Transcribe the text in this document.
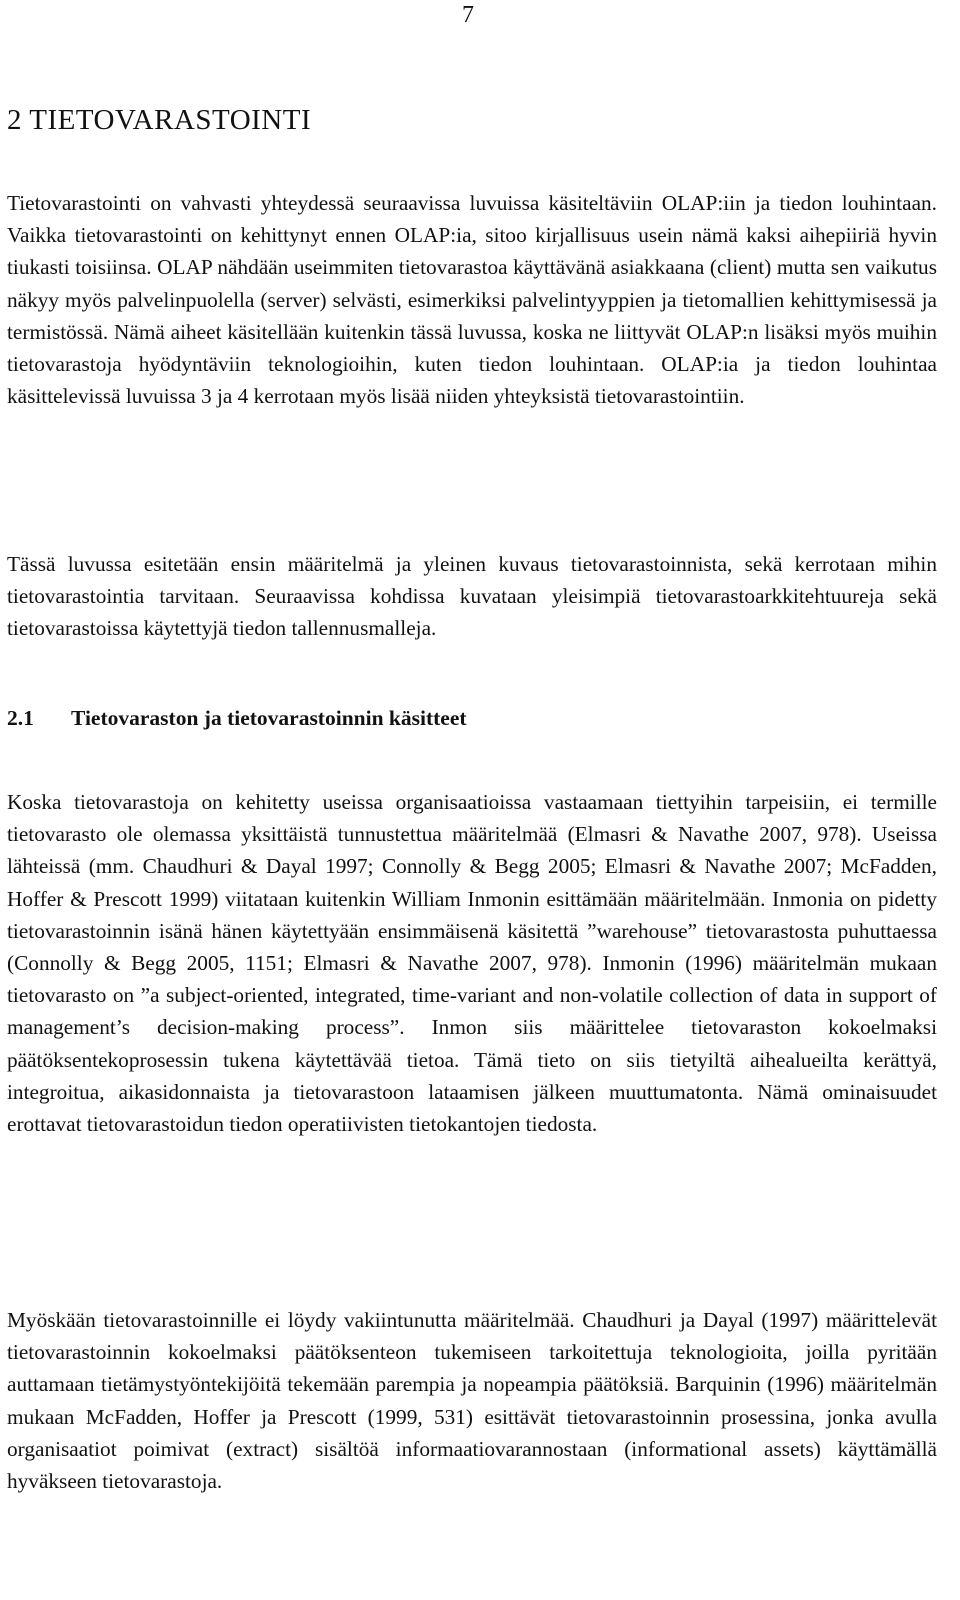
7

2 TIETOVARASTOINTI

Tietovarastointi on vahvasti yhteydessä seuraavissa luvuissa käsiteltäviin OLAP:iin ja tiedon louhintaan. Vaikka tietovarastointi on kehittynyt ennen OLAP:ia, sitoo kirjallisuus usein nämä kaksi aihepiiriä hyvin tiukasti toisiinsa. OLAP nähdään useimmiten tietovarastoa käyttävänä asiakkaana (client) mutta sen vaikutus näkyy myös palvelinpuolella (server) selvästi, esimerkiksi palvelintyyppien ja tietomallien kehittymisessä ja termistössä. Nämä aiheet käsitellään kuitenkin tässä luvussa, koska ne liittyvät OLAP:n lisäksi myös muihin tietovarastoja hyödyntäviin teknologioihin, kuten tiedon louhintaan. OLAP:ia ja tiedon louhintaa käsittelevissä luvuissa 3 ja 4 kerrotaan myös lisää niiden yhteyksistä tietovarastointiin.

Tässä luvussa esitetään ensin määritelmä ja yleinen kuvaus tietovarastoinnista, sekä kerrotaan mihin tietovarastointia tarvitaan. Seuraavissa kohdissa kuvataan yleisimpiä tietovarastoarkkitehtuureja sekä tietovarastoissa käytettyjä tiedon tallennusmalleja.

2.1 Tietovaraston ja tietovarastoinnin käsitteet

Koska tietovarastoja on kehitetty useissa organisaatioissa vastaamaan tiettyihin tarpeisiin, ei termille tietovarasto ole olemassa yksittäistä tunnustettua määritelmää (Elmasri & Navathe 2007, 978). Useissa lähteissä (mm. Chaudhuri & Dayal 1997; Connolly & Begg 2005; Elmasri & Navathe 2007; McFadden, Hoffer & Prescott 1999) viitataan kuitenkin William Inmonin esittämään määritelmään. Inmonia on pidetty tietovarastoinnin isänä hänen käytettyään ensimmäisenä käsitettä ”warehouse” tietovarastosta puhuttaessa (Connolly & Begg 2005, 1151; Elmasri & Navathe 2007, 978). Inmonin (1996) määritelmän mukaan tietovarasto on ”a subject-oriented, integrated, time-variant and non-volatile collection of data in support of management’s decision-making process”. Inmon siis määrittelee tietovaraston kokoelmaksi päätöksentekoprosessin tukena käytettävää tietoa. Tämä tieto on siis tietyiltä aihealueilta kerättyä, integroitua, aikasidonnaista ja tietovarastoon lataamisen jälkeen muuttumatonta. Nämä ominaisuudet erottavat tietovarastoidun tiedon operatiivisten tietokantojen tiedosta.

Myöskään tietovarastoinnille ei löydy vakiintunutta määritelmää. Chaudhuri ja Dayal (1997) määrittelevät tietovarastoinnin kokoelmaksi päätöksenteon tukemiseen tarkoitettuja teknologioita, joilla pyritään auttamaan tietämystyöntekijöitä tekemään parempia ja nopeampia päätöksiä. Barquinin (1996) määritelmän mukaan McFadden, Hoffer ja Prescott (1999, 531) esittävät tietovarastoinnin prosessina, jonka avulla organisaatiot poimivat (extract) sisältöä informaatiovarannostaan (informational assets) käyttämällä hyväkseen tietovarastoja.
